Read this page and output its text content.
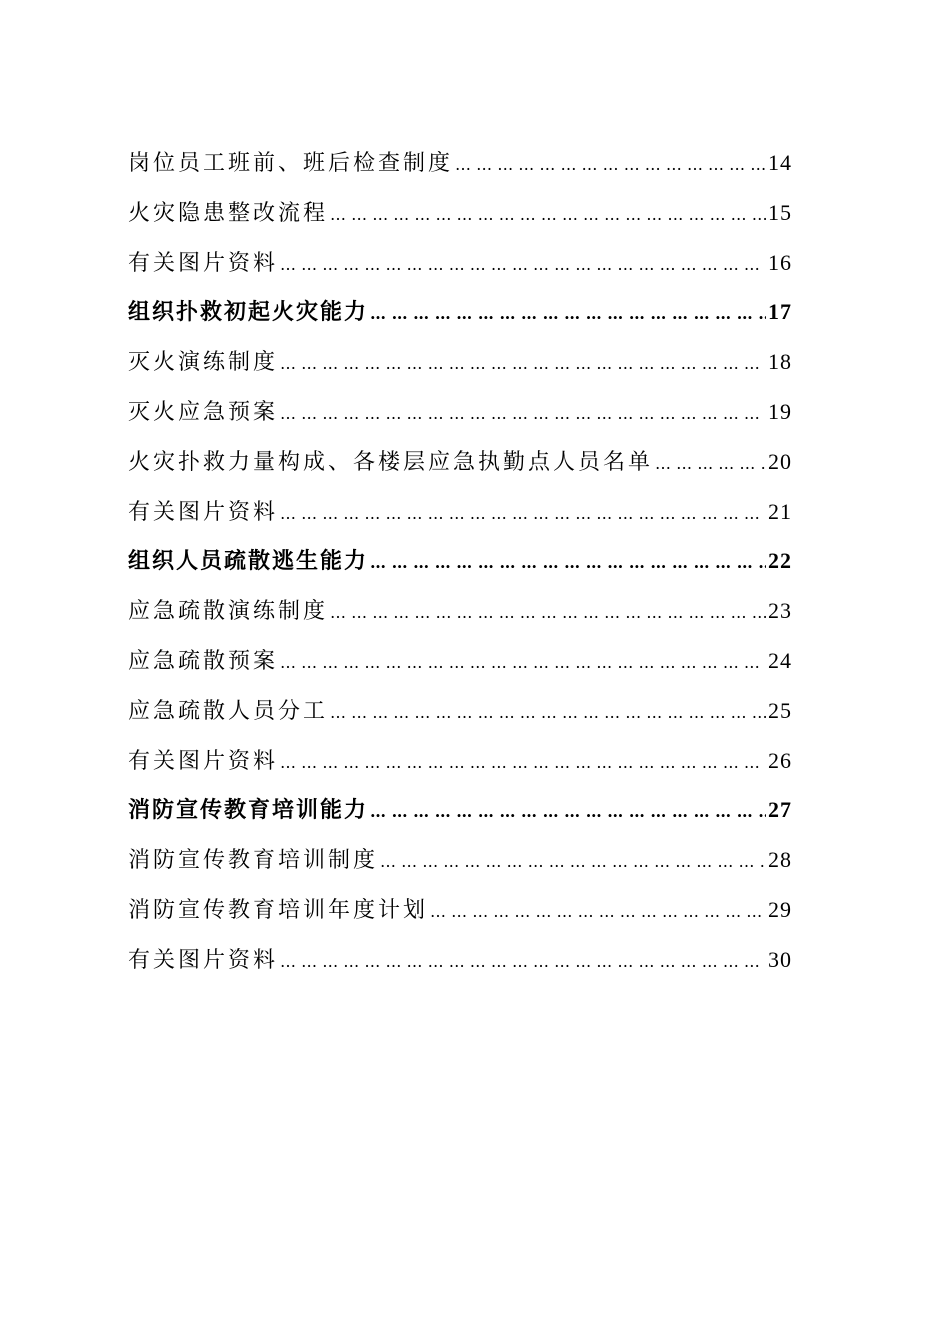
岗位员工班前、班后检查制度 … … … … … … … … … … … … … … … … … … … … … … … … … … … … … … … … … … … … … … … … … … … … … … … … … … … … …	14
火灾隐患整改流程 … … … … … … … … … … … … … … … … … … … … … … … … … … … … … … … … … … … … … … … … … … … … … … … … … … … … …	15
有关图片资料 … … … … … … … … … … … … … … … … … … … … … … … … … … … … … … … … … … … … … … … … … … … … … … … … … … … … …	16
组织扑救初起火灾能力 … … … … … … … … … … … … … … … … … … … … … … … … … … … … … … … … … … … … … … … … … … … … … … … … … … … … …	17
灭火演练制度 … … … … … … … … … … … … … … … … … … … … … … … … … … … … … … … … … … … … … … … … … … … … … … … … … … … … …	18
灭火应急预案 … … … … … … … … … … … … … … … … … … … … … … … … … … … … … … … … … … … … … … … … … … … … … … … … … … … … …	19
火灾扑救力量构成、各楼层应急执勤点人员名单 … … … … … … … … … … … … … … … … … … … … … … … … … … … … … … … … … … … … … … … … … … … … … … … … … … … … …	20
有关图片资料 … … … … … … … … … … … … … … … … … … … … … … … … … … … … … … … … … … … … … … … … … … … … … … … … … … … … …	21
组织人员疏散逃生能力 … … … … … … … … … … … … … … … … … … … … … … … … … … … … … … … … … … … … … … … … … … … … … … … … … … … … …	22
应急疏散演练制度 … … … … … … … … … … … … … … … … … … … … … … … … … … … … … … … … … … … … … … … … … … … … … … … … … … … … …	23
应急疏散预案 … … … … … … … … … … … … … … … … … … … … … … … … … … … … … … … … … … … … … … … … … … … … … … … … … … … … …	24
应急疏散人员分工 … … … … … … … … … … … … … … … … … … … … … … … … … … … … … … … … … … … … … … … … … … … … … … … … … … … … …	25
有关图片资料 … … … … … … … … … … … … … … … … … … … … … … … … … … … … … … … … … … … … … … … … … … … … … … … … … … … … …	26
消防宣传教育培训能力 … … … … … … … … … … … … … … … … … … … … … … … … … … … … … … … … … … … … … … … … … … … … … … … … … … … … …	27
消防宣传教育培训制度 … … … … … … … … … … … … … … … … … … … … … … … … … … … … … … … … … … … … … … … … … … … … … … … … … … … … …	28
消防宣传教育培训年度计划 … … … … … … … … … … … … … … … … … … … … … … … … … … … … … … … … … … … … … … … … … … … … … … … … … … … … …	29
有关图片资料 … … … … … … … … … … … … … … … … … … … … … … … … … … … … … … … … … … … … … … … … … … … … … … … … … … … … …	30
